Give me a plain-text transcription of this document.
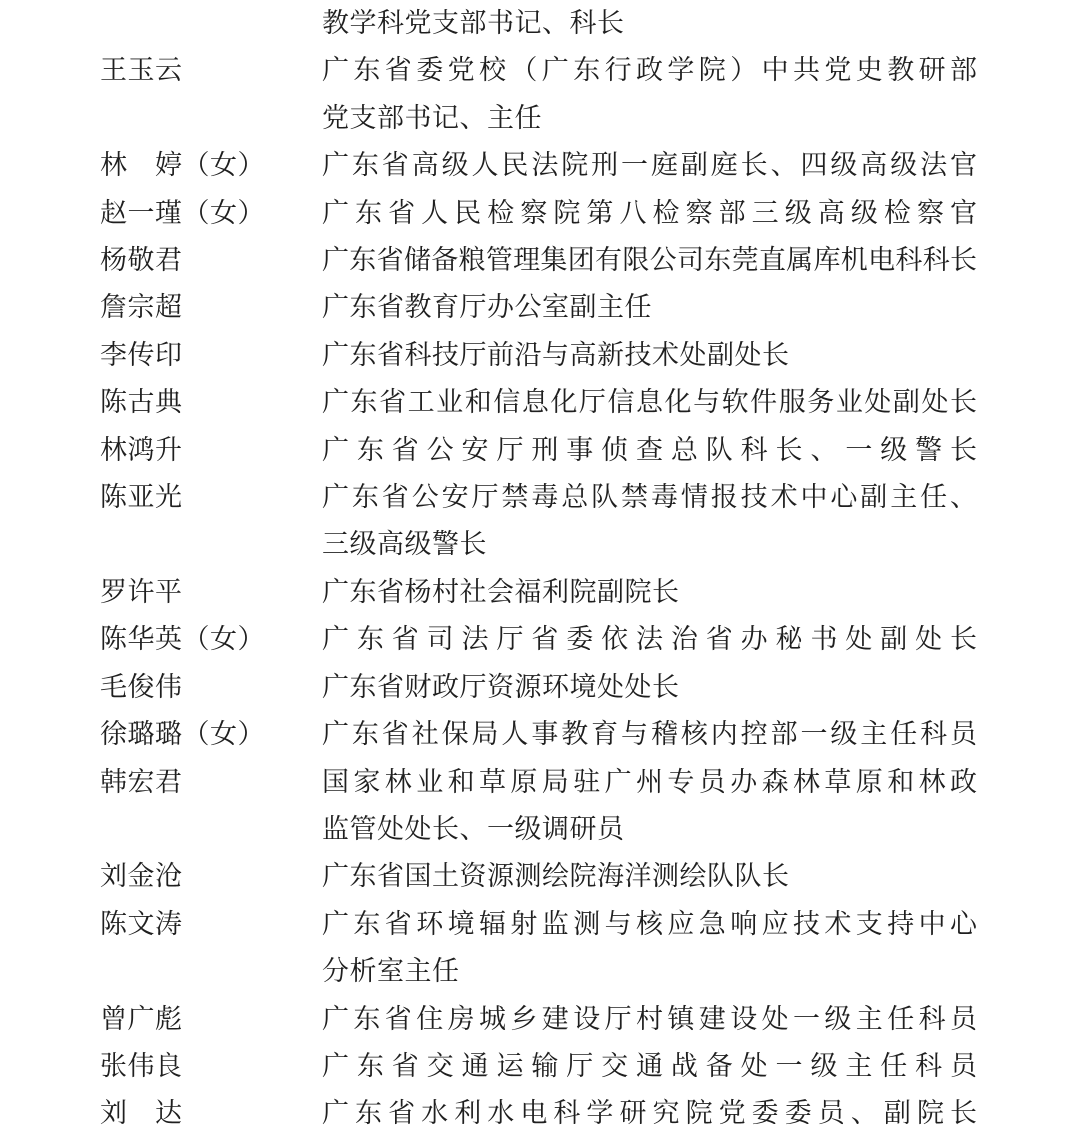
教学科党支部书记、科长
王玉云	广东省委党校（广东行政学院）中共党史教研部
党支部书记、主任
林　婷（女）	广东省高级人民法院刑一庭副庭长、四级高级法官
赵一瑾（女）	广东省人民检察院第八检察部三级高级检察官
杨敬君	广东省储备粮管理集团有限公司东莞直属库机电科科长
詹宗超	广东省教育厅办公室副主任
李传印	广东省科技厅前沿与高新技术处副处长
陈古典	广东省工业和信息化厅信息化与软件服务业处副处长
林鸿升	广东省公安厅刑事侦查总队科长、一级警长
陈亚光	广东省公安厅禁毒总队禁毒情报技术中心副主任、
三级高级警长
罗许平	广东省杨村社会福利院副院长
陈华英（女）	广东省司法厅省委依法治省办秘书处副处长
毛俊伟	广东省财政厅资源环境处处长
徐璐璐（女）	广东省社保局人事教育与稽核内控部一级主任科员
韩宏君	国家林业和草原局驻广州专员办森林草原和林政
监管处处长、一级调研员
刘金沧	广东省国土资源测绘院海洋测绘队队长
陈文涛	广东省环境辐射监测与核应急响应技术支持中心
分析室主任
曾广彪	广东省住房城乡建设厅村镇建设处一级主任科员
张伟良	广东省交通运输厅交通战备处一级主任科员
刘　达	广东省水利水电科学研究院党委委员、副院长
